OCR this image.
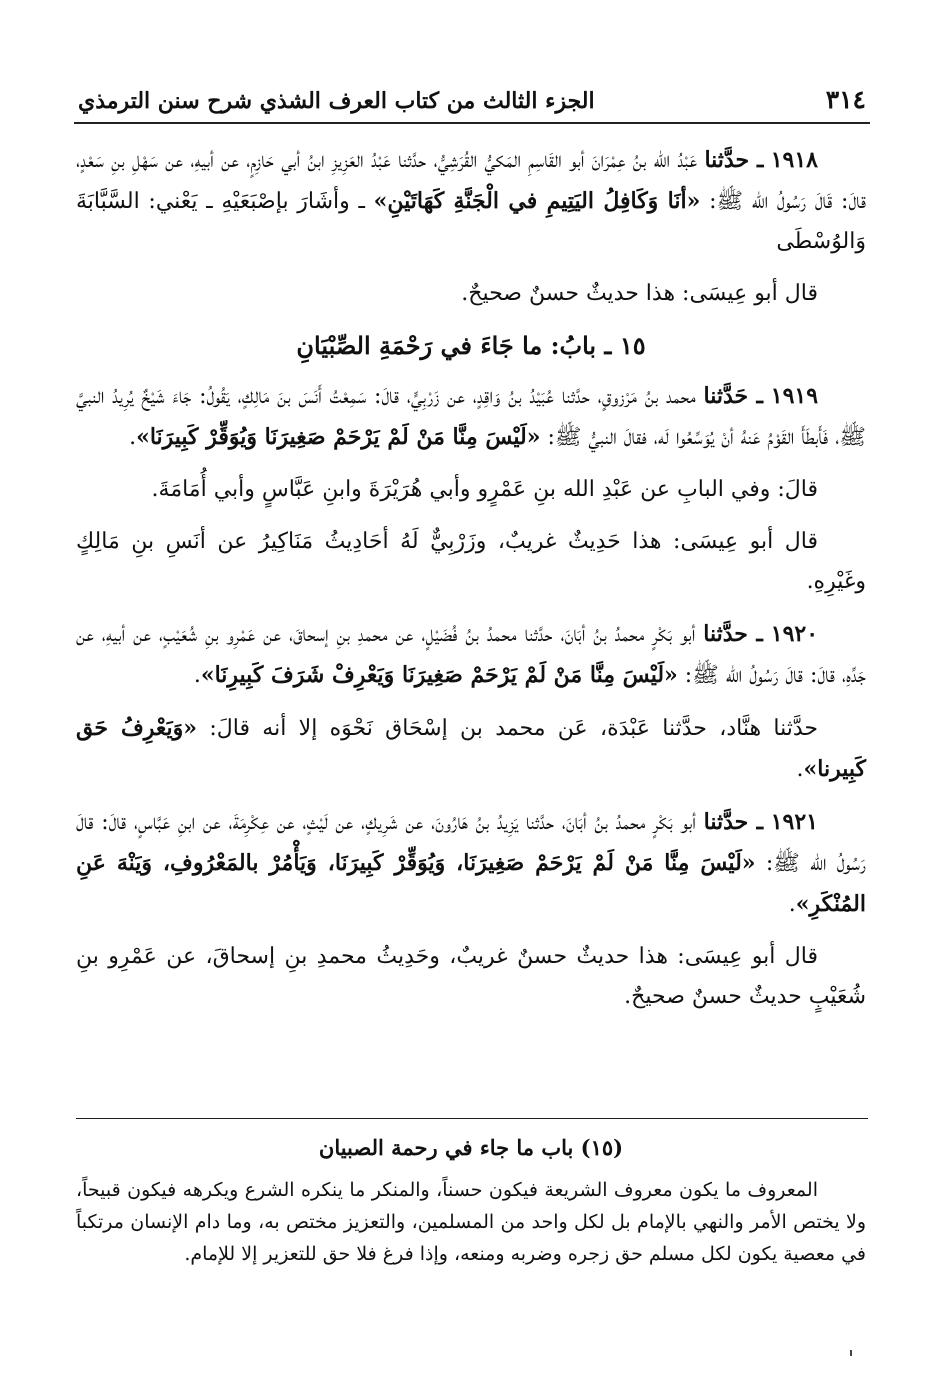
٣١٤
الجزء الثالث من كتاب العرف الشذي شرح سنن الترمذي

١٩١٨ ـ حدَّثنا عَبْدُ الله بنُ عِمْرَانَ أبو القَاسِمِ المَكيُّ القُرَشِيُّ، حدَّثنا عَبْدُ العَزِيزِ ابنُ أبي حَازِمٍ، عن أبيهِ، عن سَهْلِ بنِ سَعْدٍ، قالَ: قَالَ رَسُولُ الله ﷺ: «أنَا وَكَافِلُ اليَتِيمِ في الْجَنَّةِ كَهَاتَيْنِ» ـ وأشَارَ بإصْبَعَيْهِ ـ يَعْني: السَّبَّابَةَ وَالوُسْطَى

قال أبو عِيسَى: هذا حديثٌ حسنٌ صحيحٌ.

١٥ ـ بابُ: ما جَاءَ في رَحْمَةِ الصِّبْيَانِ

١٩١٩ ـ حَدَّثنا محمد بنُ مَرْزوقٍ، حدَّثنا عُبَيْدُ بنُ وَاقِدٍ، عن زَرْبِيٍّ، قالَ: سَمِعْتُ أَنَسَ بنَ مَالِكٍ، يَقُولُ: جَاءَ شَيْخٌ يُرِيدُ النبيَّ ﷺ، فَأَبطَأَ القَوْمُ عَنهُ أنْ يُوَسِّعُوا لَه، فقالَ النبيُّ ﷺ: «لَيْسَ مِنَّا مَنْ لَمْ يَرْحَمْ صَغِيرَنَا وَيُوَقِّرْ كَبِيرَنَا».

قالَ: وفي البابِ عن عَبْدِ الله بنِ عَمْرٍو وأبي هُرَيْرَةَ وابنِ عَبَّاسٍ وأبي أُمَامَةَ.

قال أبو عِيسَى: هذا حَدِيثٌ غريبٌ، وزَرْبِيٌّ لَهُ أحَادِيثُ مَنَاكِيرُ عن أنَسِ بنِ مَالِكٍ وغَيْرِهِ.

١٩٢٠ ـ حدَّثنا أبو بَكْرٍ محمدُ بنُ أبَانَ، حدَّثنا محمدُ بنُ فُضَيْلٍ، عن محمدِ بنِ إسحاقَ، عن عَمْرِو بنِ شُعَيْبٍ، عن أبيهِ، عن جَدِّهِ، قالَ: قالَ رَسُولُ الله ﷺ: «لَيْسَ مِنَّا مَنْ لَمْ يَرْحَمْ صَغِيرَنَا وَيَعْرِفْ شَرَفَ كَبِيرِنَا».

حدَّثنا هنَّاد، حدَّثنا عَبْدَة، عَن محمد بن إسْحَاق نَحْوَه إلا أنه قالَ: «وَيَعْرِفُ حَق كَبِيرنا».

١٩٢١ ـ حدَّثنا أبو بَكْرٍ محمدُ بنُ أبَانَ، حدَّثنا يَزِيدُ بنُ هَارُونَ، عن شَرِيكٍ، عن لَيْثٍ، عن عِكْرِمَةَ، عن ابنِ عَبَّاسٍ، قالَ: قالَ رَسُولُ الله ﷺ: «لَيْسَ مِنَّا مَنْ لَمْ يَرْحَمْ صَغِيرَنَا، وَيُوَقِّرْ كَبِيرَنَا، وَيَأْمُرْ بالمَعْرُوفِ، وَيَنْهَ عَنِ المُنْكَرِ».

قال أبو عِيسَى: هذا حديثٌ حسنٌ غريبٌ، وحَدِيثُ محمدِ بنِ إسحاقَ، عن عَمْرِو بنِ شُعَيْبٍ حديثٌ حسنٌ صحيحٌ.

(١٥) باب ما جاء في رحمة الصبيان

المعروف ما يكون معروف الشريعة فيكون حسناً، والمنكر ما ينكره الشرع ويكرهه فيكون قبيحاً، ولا يختص الأمر والنهي بالإمام بل لكل واحد من المسلمين، والتعزيز مختص به، وما دام الإنسان مرتكباً في معصية يكون لكل مسلم حق زجره وضربه ومنعه، وإذا فرغ فلا حق للتعزير إلا للإمام.
